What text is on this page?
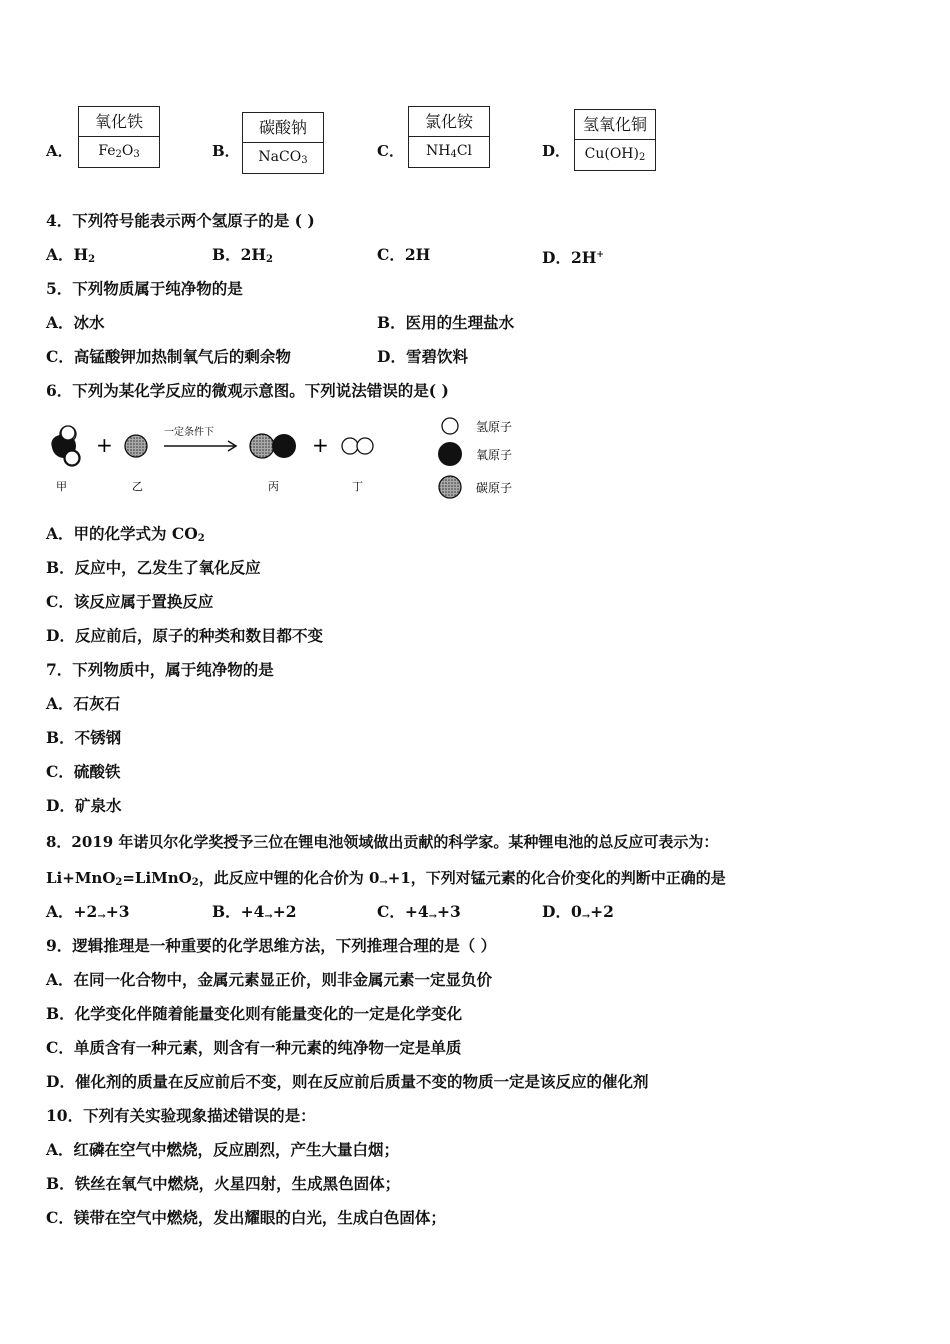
A．
氧化铁
$Fe_2O_3$	B．
碳酸钠
NaCO$_3$
C．
氯化铵
$NH_4Cl$	D．
氢氧化铜
$Cu(OH)_2$
4．下列符号能表示两个氢原子的是 ( )
A．$H_2$	B．$2H_2$	C．2H	D．2H+
5．下列物质属于纯净物的是
A．冰水	B．医用的生理盐水
C．高锰酸钾加热制氧气后的剩余物	D．雪碧饮料
6．下列为某化学反应的微观示意图。下列说法错误的是( )
+
一定条件下
+
甲	乙	丙	丁
氢原子
氧原子
碳原子
A．甲的化学式为 $CO_2$
B．反应中，乙发生了氧化反应
C．该反应属于置换反应
D．反应前后，原子的种类和数目都不变
7．下列物质中，属于纯净物的是
A．石灰石
B．不锈钢
C．硫酸铁
D．矿泉水
8．2019 年诺贝尔化学奖授予三位在锂电池领域做出贡献的科学家。某种锂电池的总反应可表示为：
Li+MnO$_2$=LiMnO$_2$，此反应中锂的化合价为 0→+1，下列对锰元素的化合价变化的判断中正确的是
A．+2→+3	B．+4→+2	C．+4→+3	D．0→+2
9．逻辑推理是一种重要的化学思维方法，下列推理合理的是（ ）
A．在同一化合物中，金属元素显正价，则非金属元素一定显负价
B．化学变化伴随着能量变化则有能量变化的一定是化学变化
C．单质含有一种元素，则含有一种元素的纯净物一定是单质
D．催化剂的质量在反应前后不变，则在反应前后质量不变的物质一定是该反应的催化剂
10．下列有关实验现象描述错误的是：
A．红磷在空气中燃烧，反应剧烈，产生大量白烟；
B．铁丝在氧气中燃烧，火星四射，生成黑色固体；
C．镁带在空气中燃烧，发出耀眼的白光，生成白色固体；
